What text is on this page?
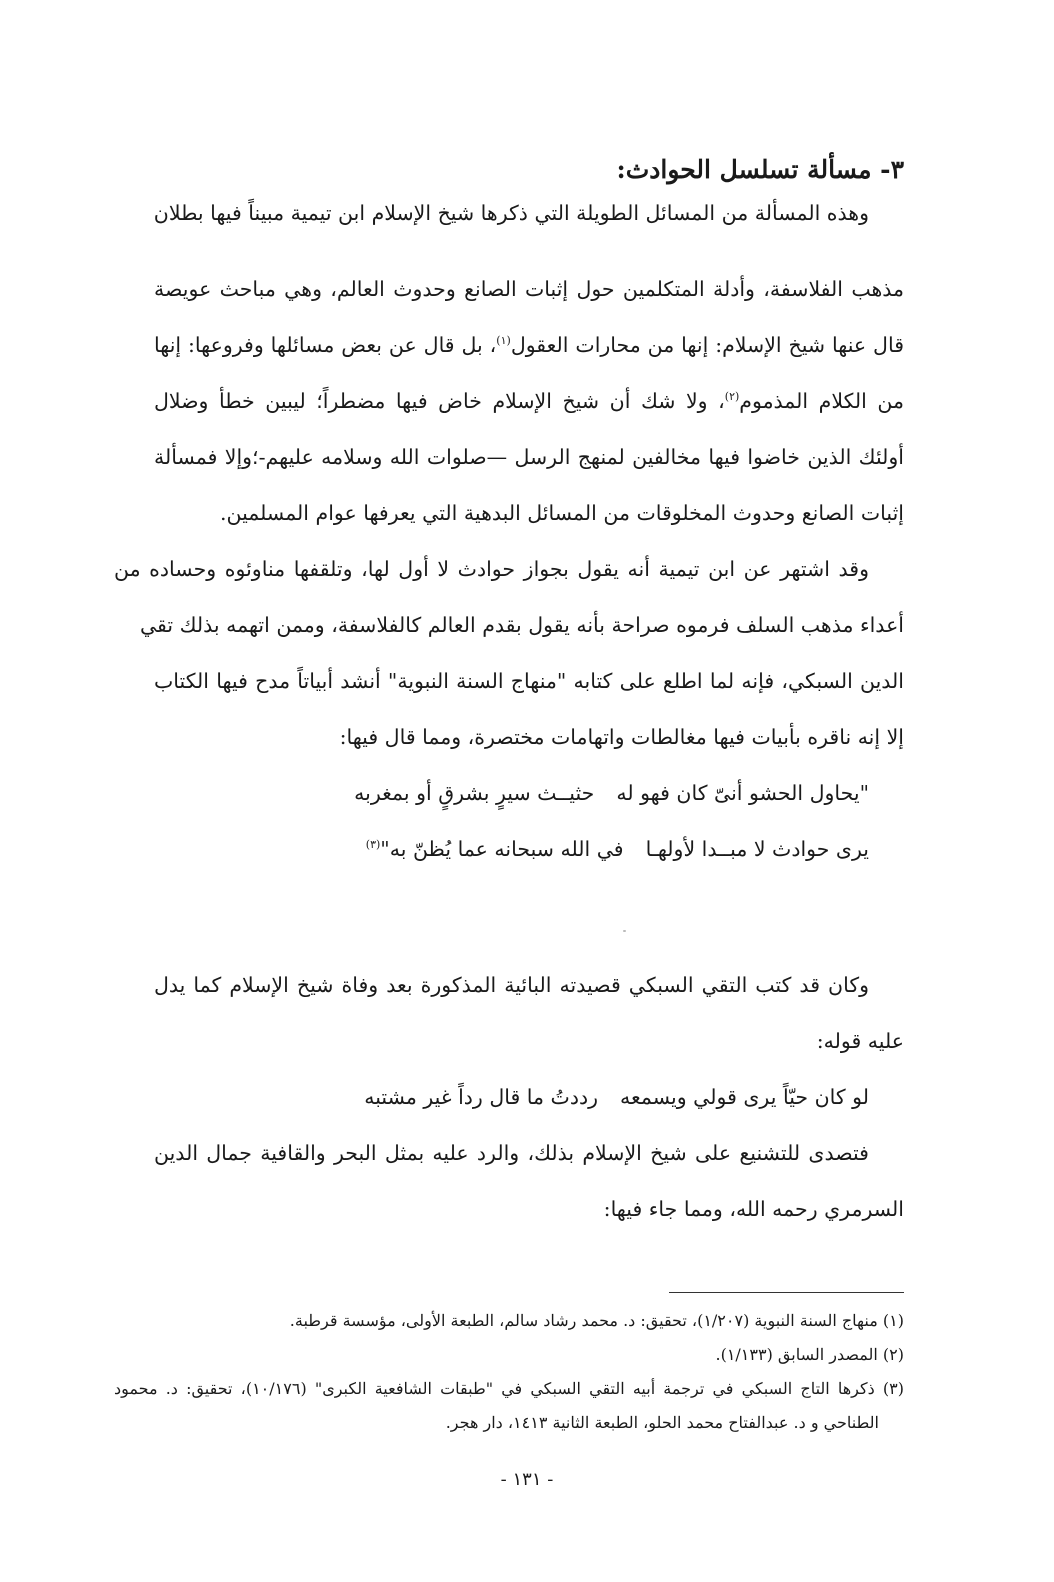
٣- مسألة تسلسل الحوادث:

وهذه المسألة من المسائل الطويلة التي ذكرها شيخ الإسلام ابن تيمية مبيناً فيها بطلان

مذهب الفلاسفة، وأدلة المتكلمين حول إثبات الصانع وحدوث العالم، وهي مباحث عويصة

قال عنها شيخ الإسلام: إنها من محارات العقول$^{(١)}$، بل قال عن بعض مسائلها وفروعها: إنها

من الكلام المذموم$^{(٢)}$، ولا شك أن شيخ الإسلام خاض فيها مضطراً؛ ليبين خطأ وضلال

أولئك الذين خاضوا فيها مخالفين لمنهج الرسل —صلوات الله وسلامه عليهم-؛وإلا فمسألة

إثبات الصانع وحدوث المخلوقات من المسائل البدهية التي يعرفها عوام المسلمين.

وقد اشتهر عن ابن تيمية أنه يقول بجواز حوادث لا أول لها، وتلقفها مناوئوه وحساده من

أعداء مذهب السلف فرموه صراحة بأنه يقول بقدم العالم كالفلاسفة، وممن اتهمه بذلك تقي

الدين السبكي، فإنه لما اطلع على كتابه "منهاج السنة النبوية" أنشد أبياتاً مدح فيها الكتاب

إلا إنه ناقره بأبيات فيها مغالطات واتهامات مختصرة، ومما قال فيها:

"يحاول الحشو أنىّ كان فهو لهحثيــث سيرٍ بشرقٍ أو بمغربه

يرى حوادث لا مبــدا لأولهـافي الله سبحانه عما يُظنّ به"$^{(٣)}$

وكان قد كتب التقي السبكي قصيدته البائية المذكورة بعد وفاة شيخ الإسلام كما يدل

عليه قوله:

لو كان حيّاً يرى قولي ويسمعهرددتُ ما قال رداً غير مشتبه

فتصدى للتشنيع على شيخ الإسلام بذلك، والرد عليه بمثل البحر والقافية جمال الدين

السرمري رحمه الله، ومما جاء فيها:

(١) منهاج السنة النبوية (١/٢٠٧)، تحقيق: د. محمد رشاد سالم، الطبعة الأولى، مؤسسة قرطبة.

(٢) المصدر السابق (١/١٣٣).

(٣) ذكرها التاج السبكي في ترجمة أبيه التقي السبكي في "طبقات الشافعية الكبرى" (١٠/١٧٦)، تحقيق: د. محمود

الطناحي و د. عبدالفتاح محمد الحلو، الطبعة الثانية ١٤١٣، دار هجر.

- ١٣١ -
